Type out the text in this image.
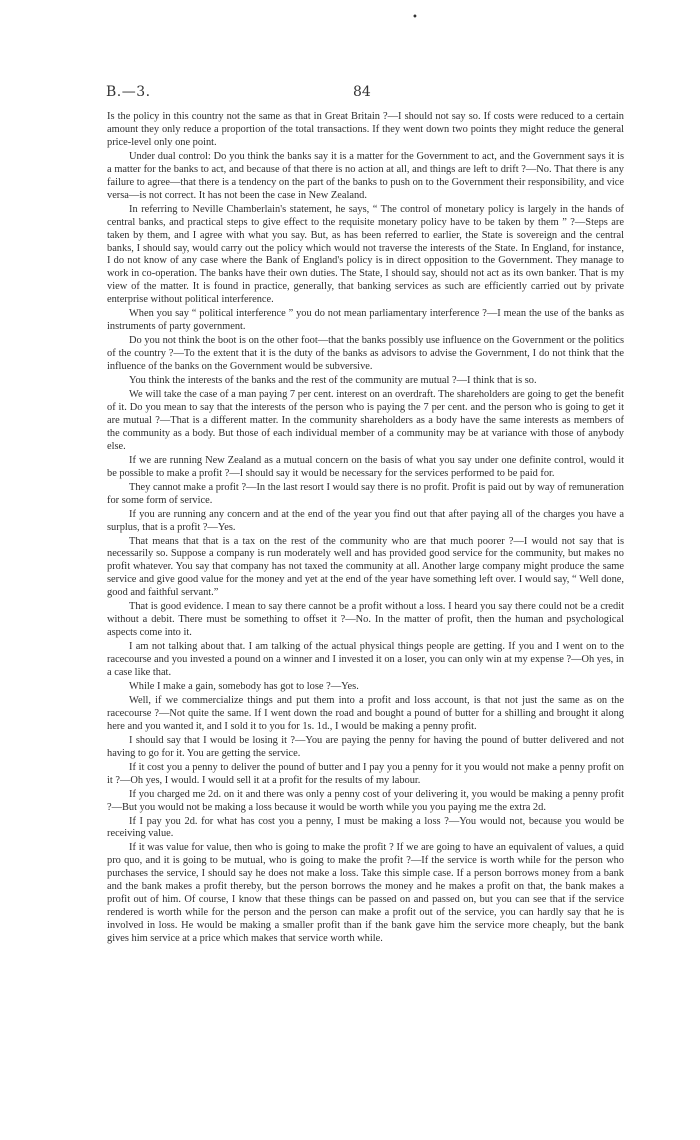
•
B.—3.	84

Is the policy in this country not the same as that in Great Britain ?—I should not say so. If costs were reduced to a certain amount they only reduce a proportion of the total transactions. If they went down two points they might reduce the general price-level only one point.

Under dual control: Do you think the banks say it is a matter for the Government to act, and the Government says it is a matter for the banks to act, and because of that there is no action at all, and things are left to drift ?—No. That there is any failure to agree—that there is a tendency on the part of the banks to push on to the Government their responsibility, and vice versa—is not correct. It has not been the case in New Zealand.

In referring to Neville Chamberlain's statement, he says, “ The control of monetary policy is largely in the hands of central banks, and practical steps to give effect to the requisite monetary policy have to be taken by them ” ?—Steps are taken by them, and I agree with what you say. But, as has been referred to earlier, the State is sovereign and the central banks, I should say, would carry out the policy which would not traverse the interests of the State. In England, for instance, I do not know of any case where the Bank of England's policy is in direct opposition to the Government. They manage to work in co-operation. The banks have their own duties. The State, I should say, should not act as its own banker. That is my view of the matter. It is found in practice, generally, that banking services as such are efficiently carried out by private enterprise without political interference.

When you say “ political interference ” you do not mean parliamentary interference ?—I mean the use of the banks as instruments of party government.

Do you not think the boot is on the other foot—that the banks possibly use influence on the Government or the politics of the country ?—To the extent that it is the duty of the banks as advisors to advise the Government, I do not think that the influence of the banks on the Government would be subversive.

You think the interests of the banks and the rest of the community are mutual ?—I think that is so.

We will take the case of a man paying 7 per cent. interest on an overdraft. The shareholders are going to get the benefit of it. Do you mean to say that the interests of the person who is paying the 7 per cent. and the person who is going to get it are mutual ?—That is a different matter. In the community shareholders as a body have the same interests as members of the community as a body. But those of each individual member of a community may be at variance with those of anybody else.

If we are running New Zealand as a mutual concern on the basis of what you say under one definite control, would it be possible to make a profit ?—I should say it would be necessary for the services performed to be paid for.

They cannot make a profit ?—In the last resort I would say there is no profit. Profit is paid out by way of remuneration for some form of service.

If you are running any concern and at the end of the year you find out that after paying all of the charges you have a surplus, that is a profit ?—Yes.

That means that that is a tax on the rest of the community who are that much poorer ?—I would not say that is necessarily so. Suppose a company is run moderately well and has provided good service for the community, but makes no profit whatever. You say that company has not taxed the community at all. Another large company might produce the same service and give good value for the money and yet at the end of the year have something left over. I would say, “ Well done, good and faithful servant.”

That is good evidence. I mean to say there cannot be a profit without a loss. I heard you say there could not be a credit without a debit. There must be something to offset it ?—No. In the matter of profit, then the human and psychological aspects come into it.

I am not talking about that. I am talking of the actual physical things people are getting. If you and I went on to the racecourse and you invested a pound on a winner and I invested it on a loser, you can only win at my expense ?—Oh yes, in a case like that.

While I make a gain, somebody has got to lose ?—Yes.

Well, if we commercialize things and put them into a profit and loss account, is that not just the same as on the racecourse ?—Not quite the same. If I went down the road and bought a pound of butter for a shilling and brought it along here and you wanted it, and I sold it to you for 1s. 1d., I would be making a penny profit.

I should say that I would be losing it ?—You are paying the penny for having the pound of butter delivered and not having to go for it. You are getting the service.

If it cost you a penny to deliver the pound of butter and I pay you a penny for it you would not make a penny profit on it ?—Oh yes, I would. I would sell it at a profit for the results of my labour.

If you charged me 2d. on it and there was only a penny cost of your delivering it, you would be making a penny profit ?—But you would not be making a loss because it would be worth while you you paying me the extra 2d.

If I pay you 2d. for what has cost you a penny, I must be making a loss ?—You would not, because you would be receiving value.

If it was value for value, then who is going to make the profit ? If we are going to have an equivalent of values, a quid pro quo, and it is going to be mutual, who is going to make the profit ?—If the service is worth while for the person who purchases the service, I should say he does not make a loss. Take this simple case. If a person borrows money from a bank and the bank makes a profit thereby, but the person borrows the money and he makes a profit on that, the bank makes a profit out of him. Of course, I know that these things can be passed on and passed on, but you can see that if the service rendered is worth while for the person and the person can make a profit out of the service, you can hardly say that he is involved in loss. He would be making a smaller profit than if the bank gave him the service more cheaply, but the bank gives him service at a price which makes that service worth while.
